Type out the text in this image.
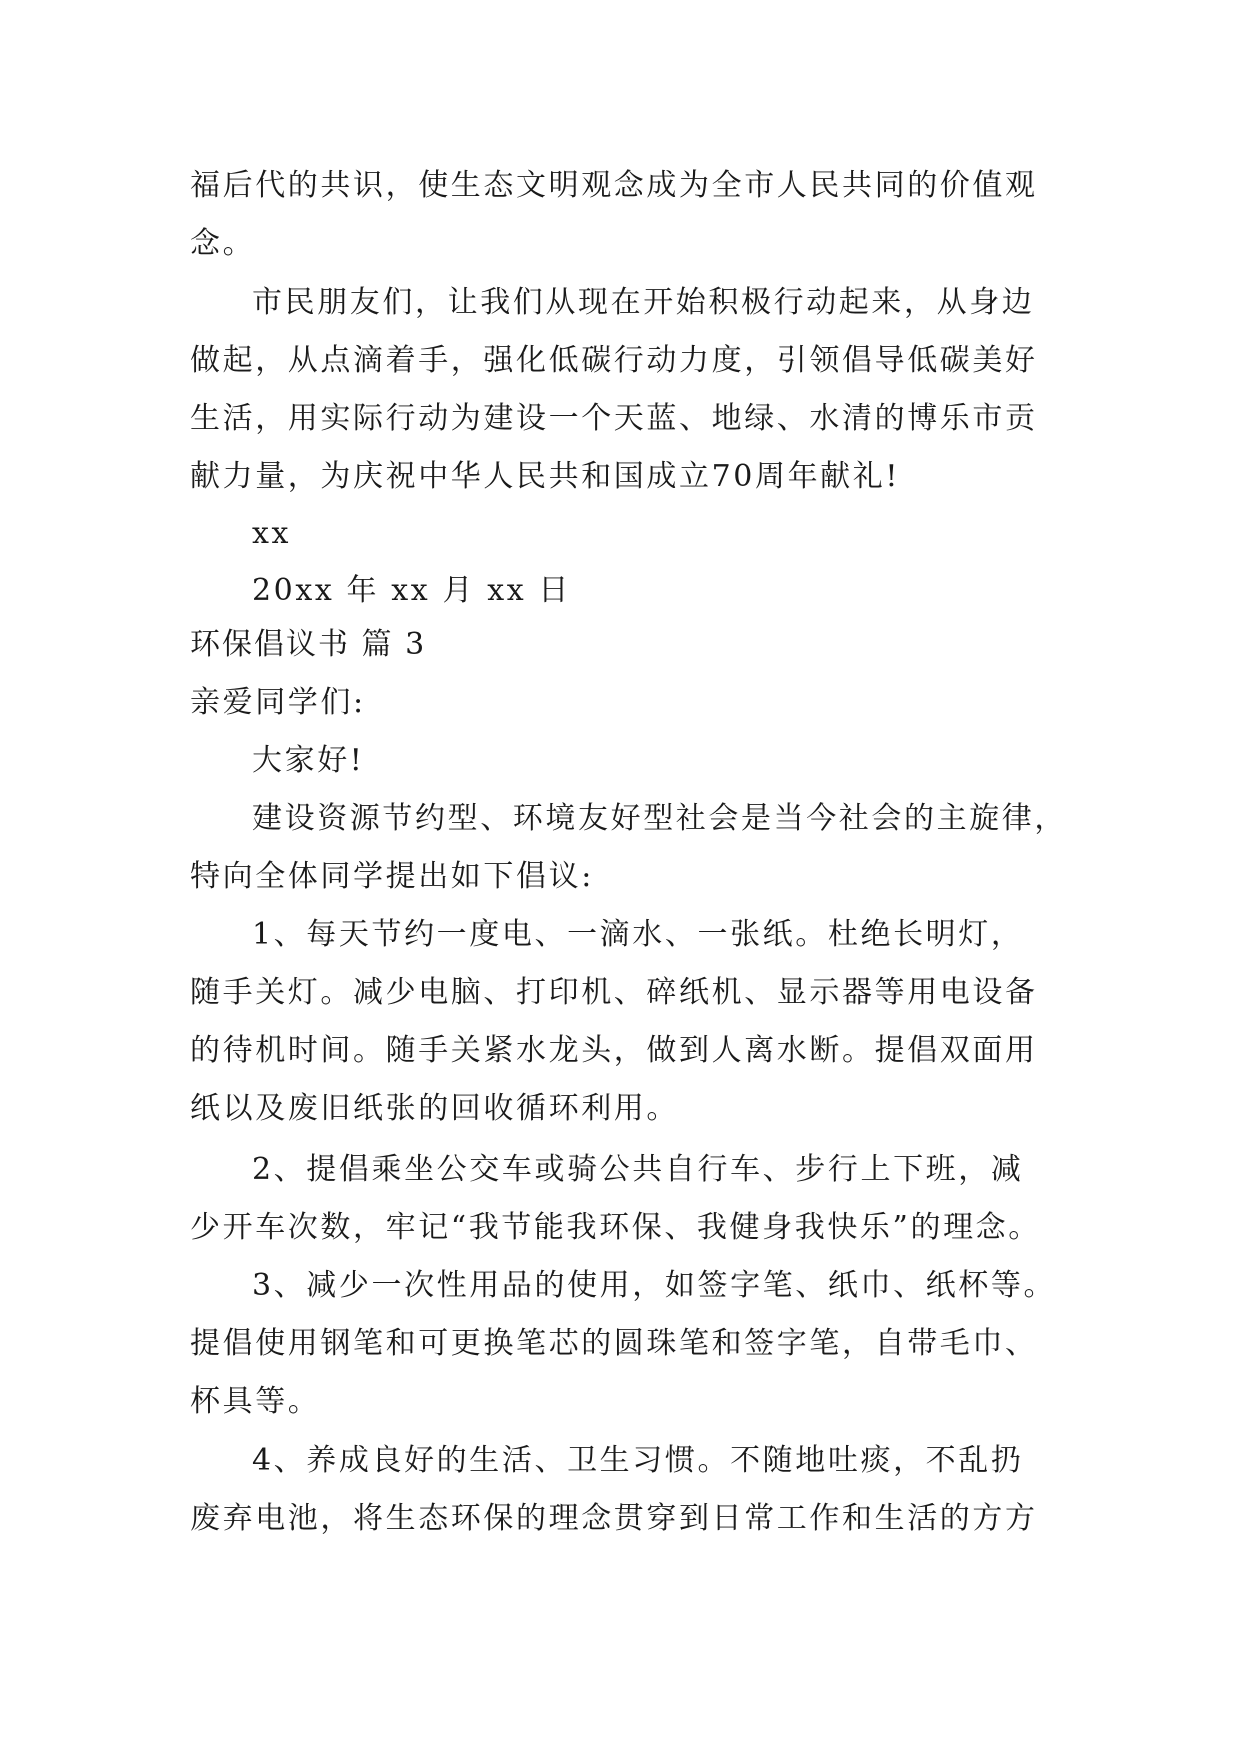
福后代的共识，使生态文明观念成为全市人民共同的价值观
念。
市民朋友们，让我们从现在开始积极行动起来，从身边
做起，从点滴着手，强化低碳行动力度，引领倡导低碳美好
生活，用实际行动为建设一个天蓝、地绿、水清的博乐市贡
献力量，为庆祝中华人民共和国成立70周年献礼!
xx
20xx 年 xx 月 xx 日
环保倡议书 篇 3
亲爱同学们:
大家好!
建设资源节约型、环境友好型社会是当今社会的主旋律，
特向全体同学提出如下倡议:
1、每天节约一度电、一滴水、一张纸。杜绝长明灯，
随手关灯。减少电脑、打印机、碎纸机、显示器等用电设备
的待机时间。随手关紧水龙头，做到人离水断。提倡双面用
纸以及废旧纸张的回收循环利用。
2、提倡乘坐公交车或骑公共自行车、步行上下班，减
少开车次数，牢记“我节能我环保、我健身我快乐”的理念。
3、减少一次性用品的使用，如签字笔、纸巾、纸杯等。
提倡使用钢笔和可更换笔芯的圆珠笔和签字笔，自带毛巾、
杯具等。
4、养成良好的生活、卫生习惯。不随地吐痰，不乱扔
废弃电池，将生态环保的理念贯穿到日常工作和生活的方方
